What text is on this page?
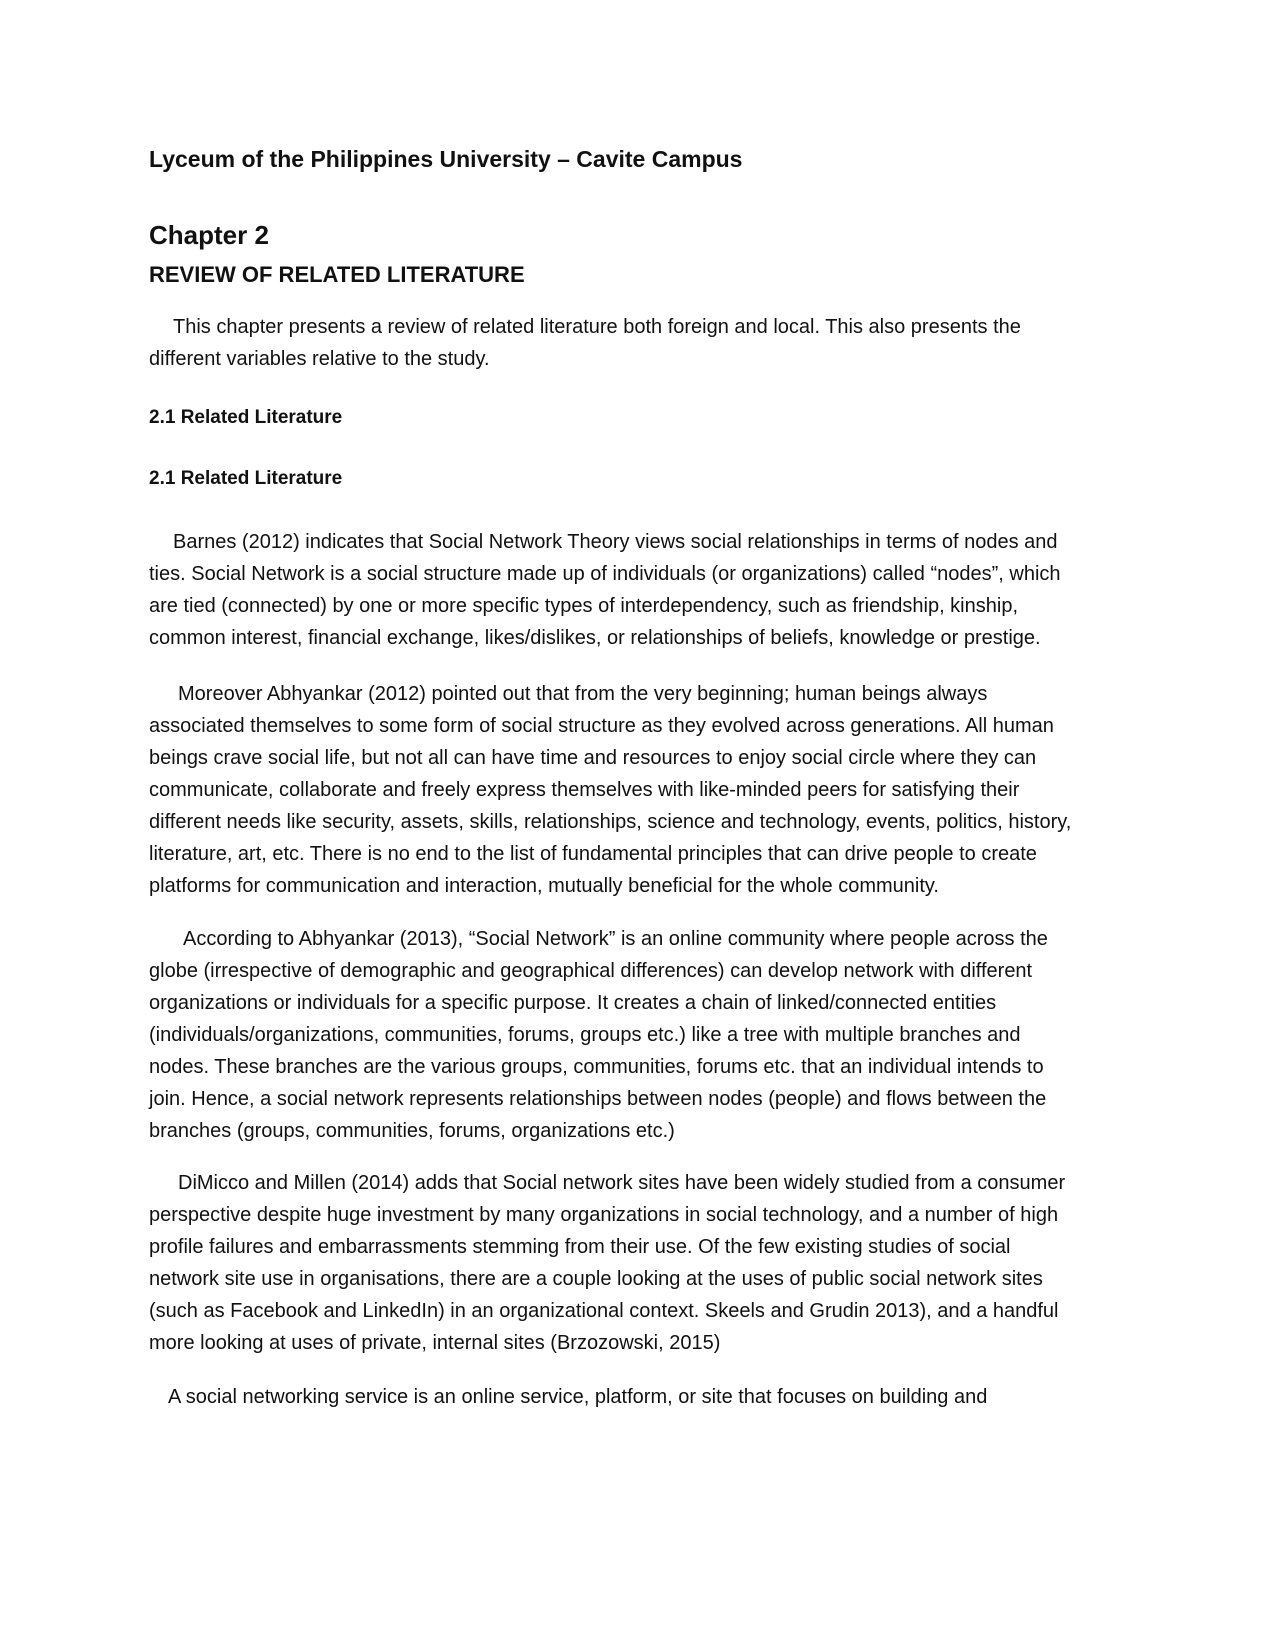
Lyceum of the Philippines University – Cavite Campus
Chapter 2
REVIEW OF RELATED LITERATURE

This chapter presents a review of related literature both foreign and local. This also presents the
different variables relative to the study.

2.1 Related Literature
2.1 Related Literature

Barnes (2012) indicates that Social Network Theory views social relationships in terms of nodes and
ties. Social Network is a social structure made up of individuals (or organizations) called “nodes”, which
are tied (connected) by one or more specific types of interdependency, such as friendship, kinship,
common interest, financial exchange, likes/dislikes, or relationships of beliefs, knowledge or prestige.

Moreover Abhyankar (2012) pointed out that from the very beginning; human beings always
associated themselves to some form of social structure as they evolved across generations. All human
beings crave social life, but not all can have time and resources to enjoy social circle where they can
communicate, collaborate and freely express themselves with like-minded peers for satisfying their
different needs like security, assets, skills, relationships, science and technology, events, politics, history,
literature, art, etc. There is no end to the list of fundamental principles that can drive people to create
platforms for communication and interaction, mutually beneficial for the whole community.

According to Abhyankar (2013), “Social Network” is an online community where people across the
globe (irrespective of demographic and geographical differences) can develop network with different
organizations or individuals for a specific purpose. It creates a chain of linked/connected entities
(individuals/organizations, communities, forums, groups etc.) like a tree with multiple branches and
nodes. These branches are the various groups, communities, forums etc. that an individual intends to
join. Hence, a social network represents relationships between nodes (people) and flows between the
branches (groups, communities, forums, organizations etc.)

DiMicco and Millen (2014) adds that Social network sites have been widely studied from a consumer
perspective despite huge investment by many organizations in social technology, and a number of high
profile failures and embarrassments stemming from their use. Of the few existing studies of social
network site use in organisations, there are a couple looking at the uses of public social network sites
(such as Facebook and LinkedIn) in an organizational context. Skeels and Grudin 2013), and a handful
more looking at uses of private, internal sites (Brzozowski, 2015)

A social networking service is an online service, platform, or site that focuses on building and
